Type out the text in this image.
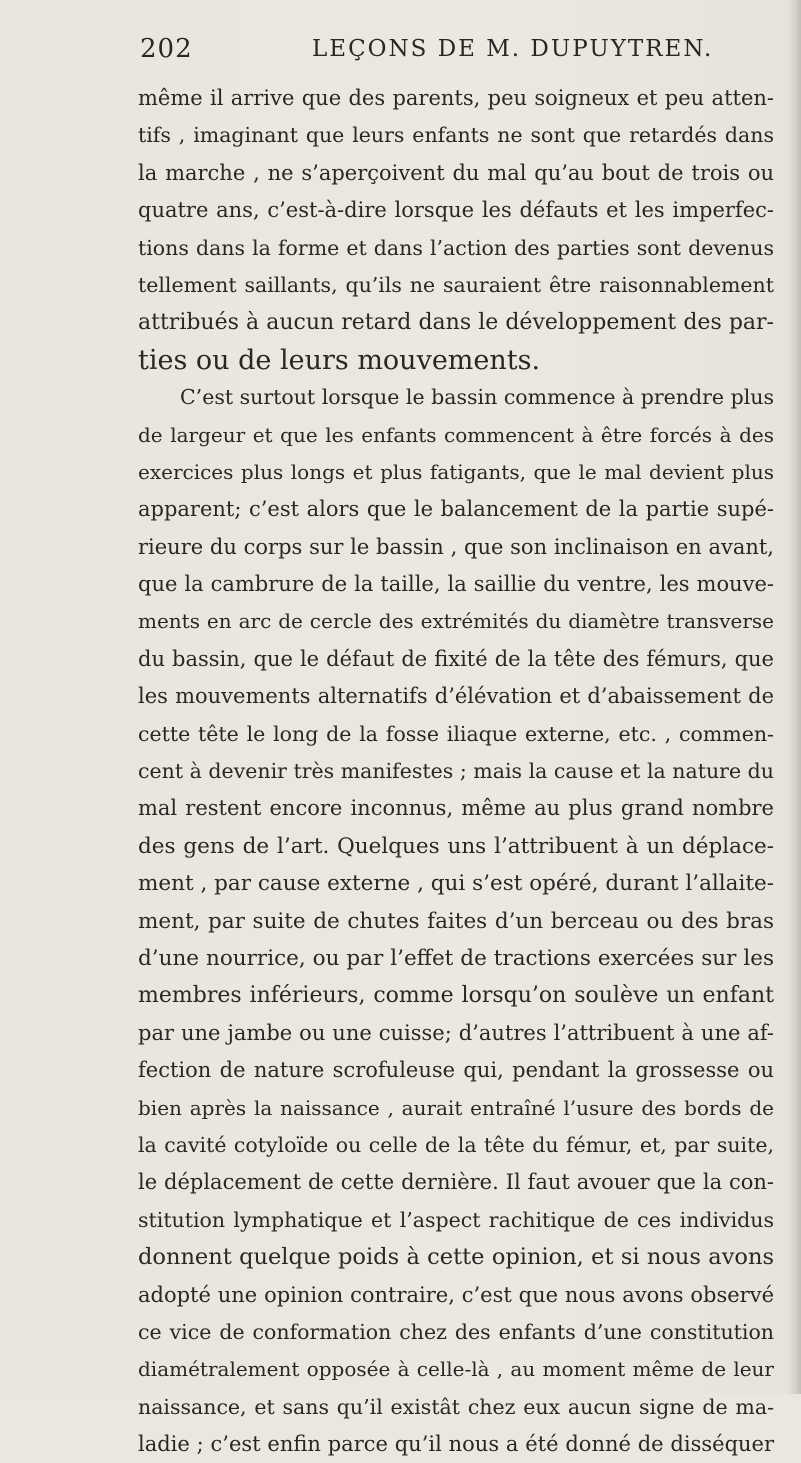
202	LEÇONS DE M. DUPUYTREN.
même il arrive que des parents, peu soigneux et peu atten-
tifs , imaginant que leurs enfants ne sont que retardés dans
la marche , ne s’aperçoivent du mal qu’au bout de trois ou
quatre ans, c’est-à-dire lorsque les défauts et les imperfec-
tions dans la forme et dans l’action des parties sont devenus
tellement saillants, qu’ils ne sauraient être raisonnablement
attribués à aucun retard dans le développement des par-
ties ou de leurs mouvements.
C’est surtout lorsque le bassin commence à prendre plus
de largeur et que les enfants commencent à être forcés à des
exercices plus longs et plus fatigants, que le mal devient plus
apparent; c’est alors que le balancement de la partie supé-
rieure du corps sur le bassin , que son inclinaison en avant,
que la cambrure de la taille, la saillie du ventre, les mouve-
ments en arc de cercle des extrémités du diamètre transverse
du bassin, que le défaut de fixité de la tête des fémurs, que
les mouvements alternatifs d’élévation et d’abaissement de
cette tête le long de la fosse iliaque externe, etc. , commen-
cent à devenir très manifestes ; mais la cause et la nature du
mal restent encore inconnus, même au plus grand nombre
des gens de l’art. Quelques uns l’attribuent à un déplace-
ment , par cause externe , qui s’est opéré, durant l’allaite-
ment, par suite de chutes faites d’un berceau ou des bras
d’une nourrice, ou par l’effet de tractions exercées sur les
membres inférieurs, comme lorsqu’on soulève un enfant
par une jambe ou une cuisse; d’autres l’attribuent à une af-
fection de nature scrofuleuse qui, pendant la grossesse ou
bien après la naissance , aurait entraîné l’usure des bords de
la cavité cotyloïde ou celle de la tête du fémur, et, par suite,
le déplacement de cette dernière. Il faut avouer que la con-
stitution lymphatique et l’aspect rachitique de ces individus
donnent quelque poids à cette opinion, et si nous avons
adopté une opinion contraire, c’est que nous avons observé
ce vice de conformation chez des enfants d’une constitution
diamétralement opposée à celle-là , au moment même de leur
naissance, et sans qu’il existât chez eux aucun signe de ma-
ladie ; c’est enfin parce qu’il nous a été donné de disséquer
